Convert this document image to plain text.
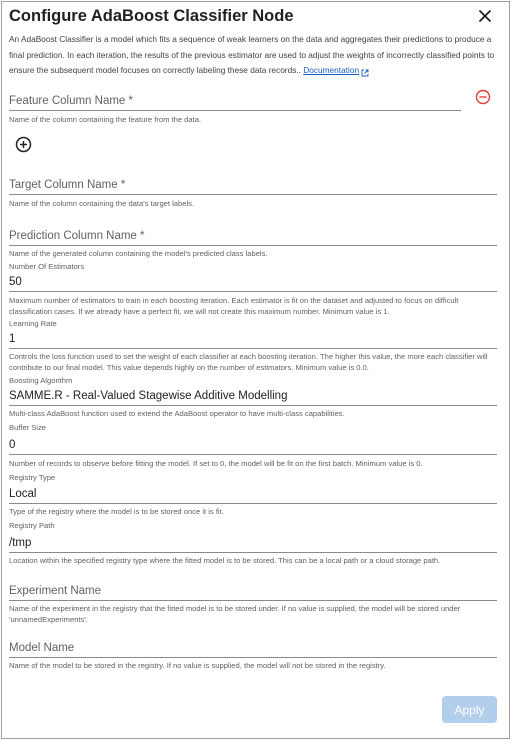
Configure AdaBoost Classifier Node
An AdaBoost Classifier is a model which fits a sequence of weak learners on the data and aggregates their predictions to produce a final prediction. In each iteration, the results of the previous estimator are used to adjust the weights of incorrectly classified points to ensure the subsequent model focuses on correctly labeling these data records.. Documentation
Feature Column Name *
Name of the column containing the feature from the data.
Target Column Name *
Name of the column containing the data's target labels.
Prediction Column Name *
Name of the generated column containing the model's predicted class labels.
Number Of Estimators
50
Maximum number of estimators to train in each boosting iteration. Each estimator is fit on the dataset and adjusted to focus on difficult classification cases. If we already have a perfect fit, we will not create this maximum number. Minimum value is 1.
Learning Rate
1
Controls the loss function used to set the weight of each classifier at each boosting iteration. The higher this value, the more each classifier will contribute to our final model. This value depends highly on the number of estimators. Minimum value is 0.0.
Boosting Algorithm
SAMME.R - Real-Valued Stagewise Additive Modelling
Multi-class AdaBoost function used to extend the AdaBoost operator to have multi-class capabilities.
Buffer Size
0
Number of records to observe before fitting the model. If set to 0, the model will be fit on the first batch. Minimum value is 0.
Registry Type
Local
Type of the registry where the model is to be stored once it is fit.
Registry Path
/tmp
Location within the specified registry type where the fitted model is to be stored. This can be a local path or a cloud storage path.
Experiment Name
Name of the experiment in the registry that the fitted model is to be stored under. If no value is supplied, the model will be stored under 'unnamedExperiments'.
Model Name
Name of the model to be stored in the registry. If no value is supplied, the model will not be stored in the registry.
Apply
